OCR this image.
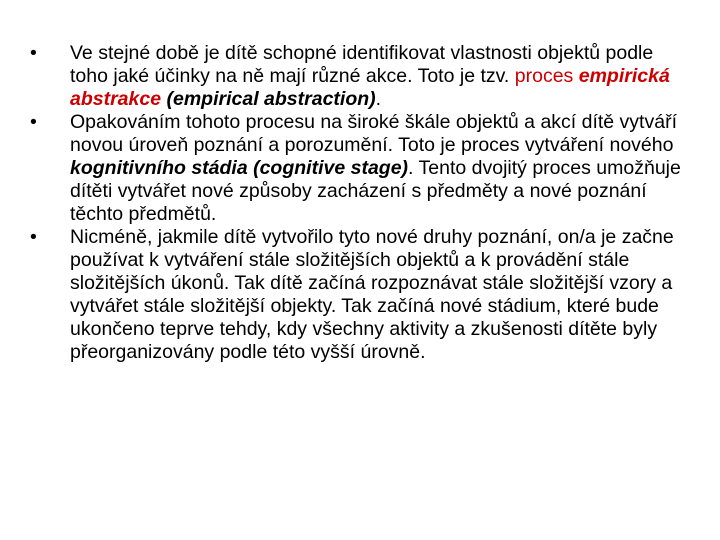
•	Ve stejné době je dítě schopné identifikovat vlastnosti objektů podle toho jaké účinky na ně mají různé akce. Toto je tzv. proces empirická abstrakce (empirical abstraction).
•	Opakováním tohoto procesu na široké škále objektů a akcí dítě vytváří novou úroveň poznání a porozumění. Toto je proces vytváření nového kognitivního stádia (cognitive stage). Tento dvojitý proces umožňuje dítěti vytvářet nové způsoby zacházení s předměty a nové poznání těchto předmětů.
•	Nicméně, jakmile dítě vytvořilo tyto nové druhy poznání, on/a je začne používat k vytváření stále složitějších objektů a k provádění stále složitějších úkonů. Tak dítě začíná rozpoznávat stále složitější vzory a vytvářet stále složitější objekty. Tak začíná nové stádium, které bude ukončeno teprve tehdy, kdy všechny aktivity a zkušenosti dítěte byly přeorganizovány podle této vyšší úrovně.
